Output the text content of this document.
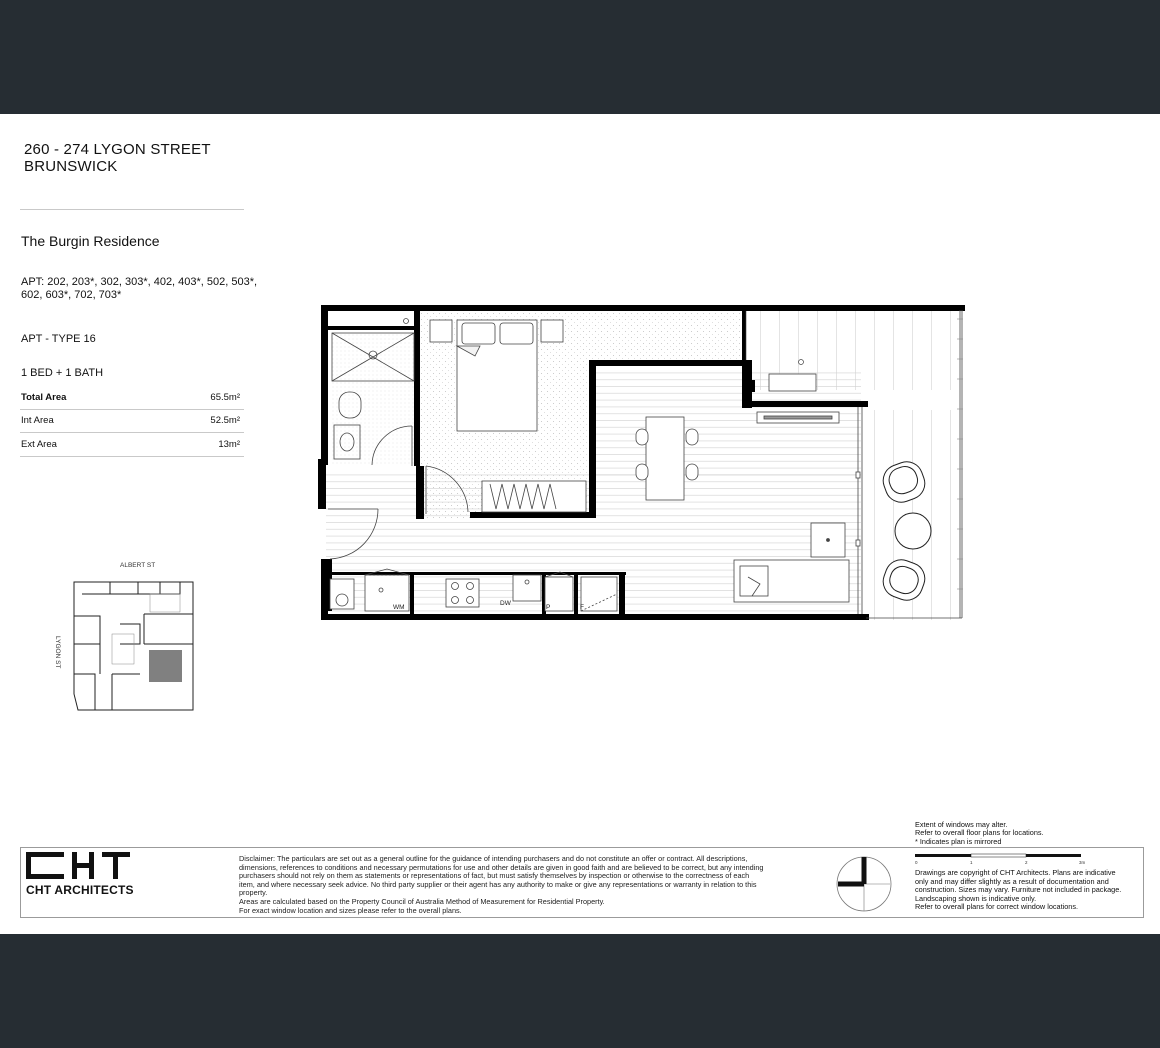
260 - 274 LYGON STREET
BRUNSWICK
The Burgin Residence
APT: 202, 203*, 302, 303*, 402, 403*, 502, 503*, 602, 603*, 702, 703*
APT - TYPE 16
1 BED + 1 BATH
Total Area	65.5m²
Int Area	52.5m²
Ext Area	13m²
WM
DW
P	F
ALBERT ST
LYGON ST
CHT ARCHITECTS
Disclaimer: The particulars are set out as a general outline for the guidance of intending purchasers and do not constitute an offer or contract. All descriptions,
dimensions, references to conditions and necessary permutations for use and other details are given in good faith and are believed to be correct, but any intending
purchasers should not rely on them as statements or representations of fact, but must satisfy themselves by inspection or otherwise to the correctness of each
item, and where necessary seek advice. No third party supplier or their agent has any authority to make or give any representations or warranty in relation to this
property.
Areas are calculated based on the Property Council of Australia Method of Measurement for Residential Property.
For exact window location and sizes please refer to the overall plans.
Extent of windows may alter.
Refer to overall floor plans for locations.
* Indicates plan is mirrored
0	1	2	3m
Drawings are copyright of CHT Architects. Plans are indicative
only and may differ slightly as a result of documentation and
construction. Sizes may vary. Furniture not included in package.
Landscaping shown is indicative only.
Refer to overall plans for correct window locations.
